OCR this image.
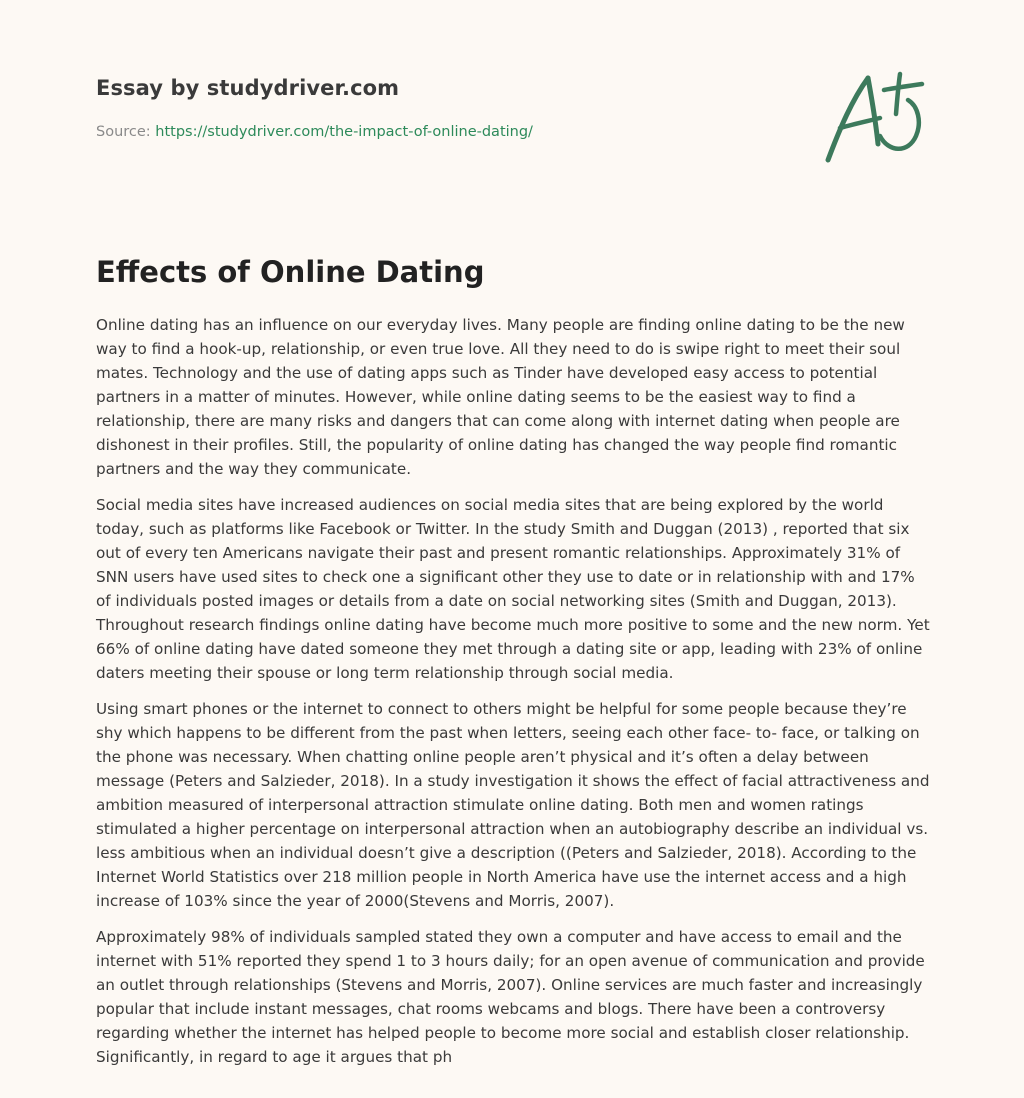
Essay by studydriver.com

Source: https://studydriver.com/the-impact-of-online-dating/

Effects of Online Dating

Online dating has an influence on our everyday lives. Many people are finding online dating to be the new way to find a hook-up, relationship, or even true love. All they need to do is swipe right to meet their soul mates. Technology and the use of dating apps such as Tinder have developed easy access to potential partners in a matter of minutes. However, while online dating seems to be the easiest way to find a relationship, there are many risks and dangers that can come along with internet dating when people are dishonest in their profiles. Still, the popularity of online dating has changed the way people find romantic partners and the way they communicate.

Social media sites have increased audiences on social media sites that are being explored by the world today, such as platforms like Facebook or Twitter. In the study Smith and Duggan (2013) , reported that six out of every ten Americans navigate their past and present romantic relationships. Approximately 31% of SNN users have used sites to check one a significant other they use to date or in relationship with and 17% of individuals posted images or details from a date on social networking sites (Smith and Duggan, 2013). Throughout research findings online dating have become much more positive to some and the new norm. Yet 66% of online dating have dated someone they met through a dating site or app, leading with 23% of online daters meeting their spouse or long term relationship through social media.

Using smart phones or the internet to connect to others might be helpful for some people because they’re shy which happens to be different from the past when letters, seeing each other face- to- face, or talking on the phone was necessary. When chatting online people aren’t physical and it’s often a delay between message (Peters and Salzieder, 2018). In a study investigation it shows the effect of facial attractiveness and ambition measured of interpersonal attraction stimulate online dating. Both men and women ratings stimulated a higher percentage on interpersonal attraction when an autobiography describe an individual vs. less ambitious when an individual doesn’t give a description ((Peters and Salzieder, 2018). According to the Internet World Statistics over 218 million people in North America have use the internet access and a high increase of 103% since the year of 2000(Stevens and Morris, 2007).

Approximately 98% of individuals sampled stated they own a computer and have access to email and the internet with 51% reported they spend 1 to 3 hours daily; for an open avenue of communication and provide an outlet through relationships (Stevens and Morris, 2007). Online services are much faster and increasingly popular that include instant messages, chat rooms webcams and blogs. There have been a controversy regarding whether the internet has helped people to become more social and establish closer relationship. Significantly, in regard to age it argues that ph
